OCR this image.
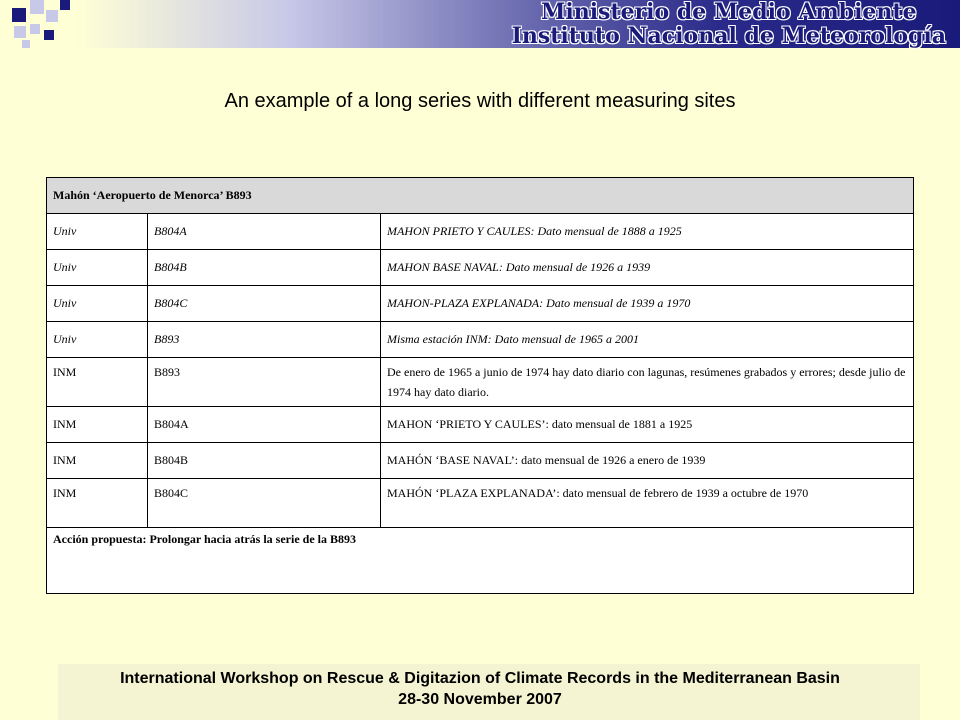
Ministerio de Medio Ambiente
Instituto Nacional de Meteorología
An example of a long series with different measuring sites
Mahón ‘Aeropuerto de Menorca’ B893		
Univ	B804A	MAHON PRIETO Y CAULES: Dato mensual de 1888 a 1925
Univ	B804B	MAHON BASE NAVAL: Dato mensual de 1926 a 1939
Univ	B804C	MAHON-PLAZA EXPLANADA: Dato mensual de 1939 a 1970
Univ	B893	Misma estación INM: Dato mensual de 1965 a 2001
INM	B893	De enero de 1965 a junio de 1974 hay dato diario con lagunas, resúmenes grabados y errores; desde julio de 1974 hay dato diario.
INM	B804A	MAHON ‘PRIETO Y CAULES’: dato mensual de 1881 a 1925
INM	B804B	MAHÓN ‘BASE NAVAL’: dato mensual de 1926 a enero de 1939
INM	B804C	MAHÓN ‘PLAZA EXPLANADA’: dato mensual de febrero de 1939 a octubre de 1970
Acción propuesta: Prolongar hacia atrás la serie de la B893		
International Workshop on Rescue & Digitazion of Climate Records in the Mediterranean Basin
28-30 November 2007
